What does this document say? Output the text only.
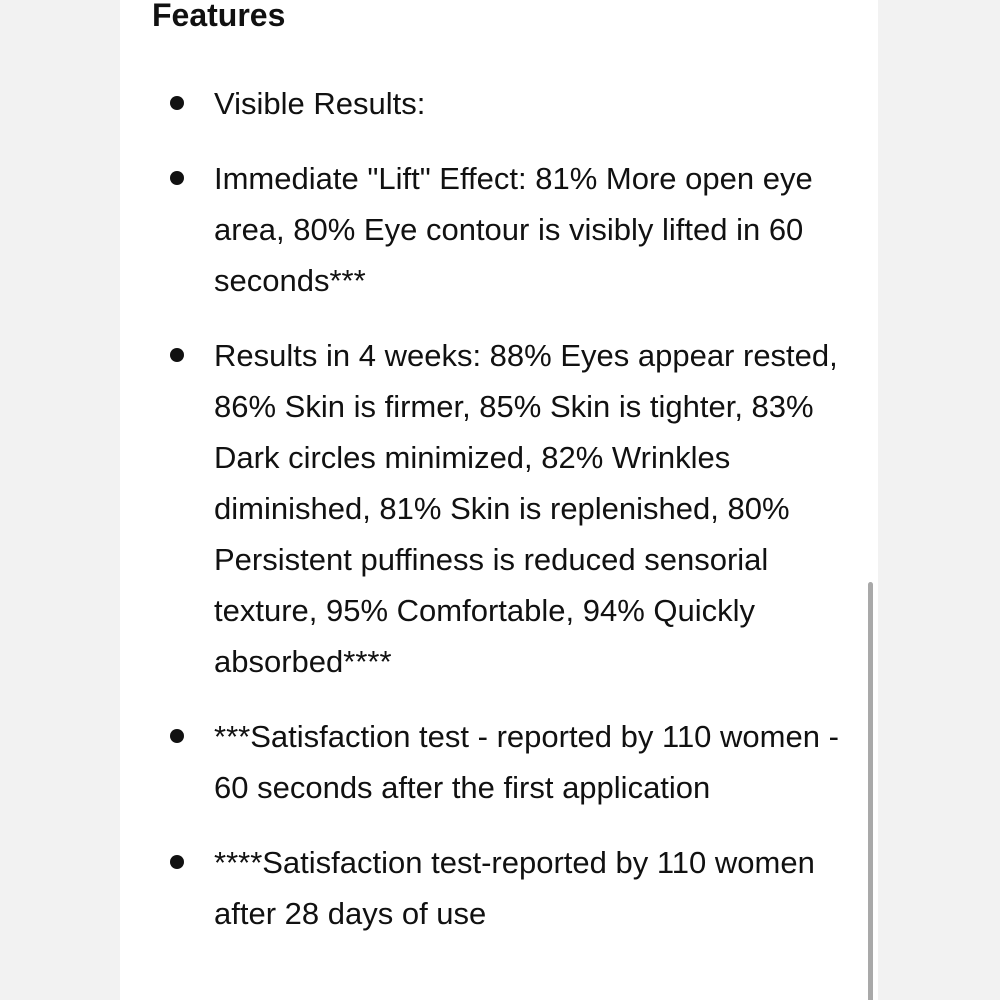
Features
Visible Results:
Immediate "Lift" Effect: 81% More open eye area, 80% Eye contour is visibly lifted in 60 seconds***
Results in 4 weeks: 88% Eyes appear rested, 86% Skin is firmer, 85% Skin is tighter, 83% Dark circles minimized, 82% Wrinkles diminished, 81% Skin is replenished, 80% Persistent puffiness is reduced sensorial texture, 95% Comfortable, 94% Quickly absorbed****
***Satisfaction test - reported by 110 women - 60 seconds after the first application
****Satisfaction test-reported by 110 women after 28 days of use
